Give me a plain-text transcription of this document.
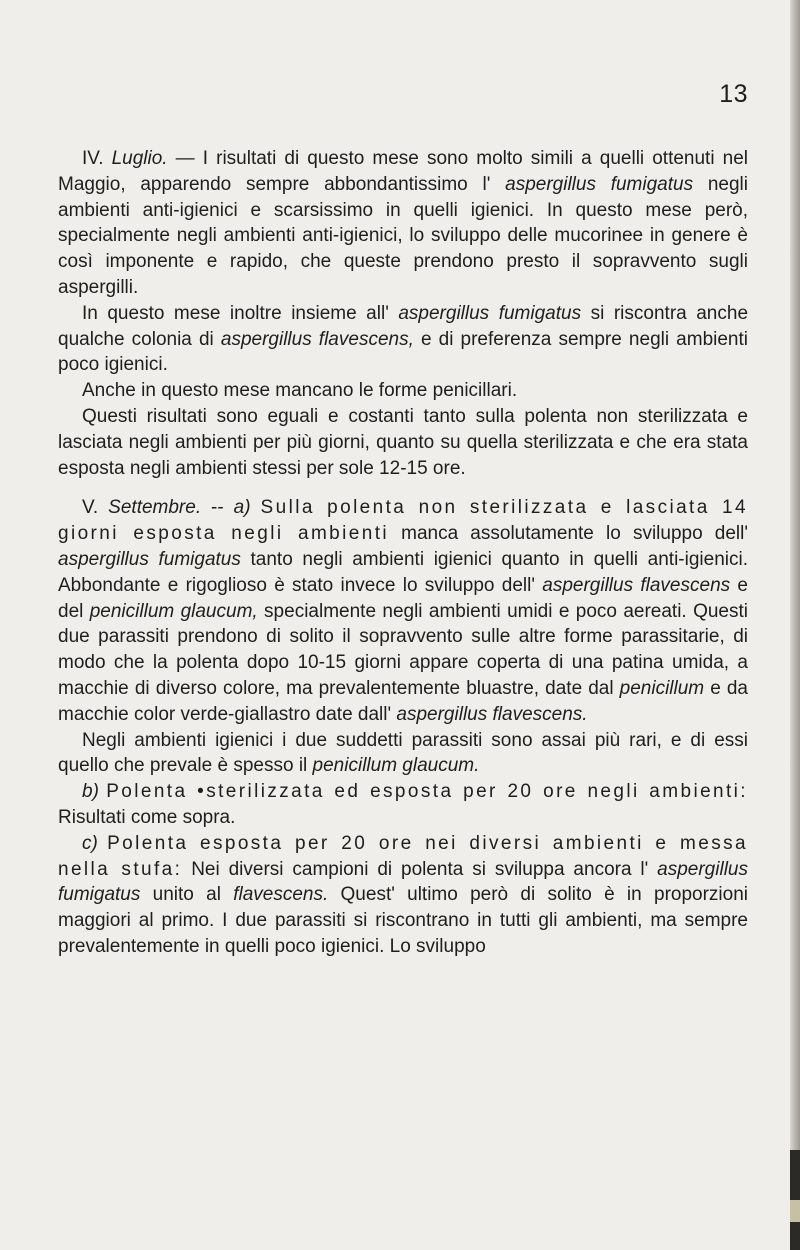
13

IV. Luglio. — I risultati di questo mese sono molto simili a quelli ottenuti nel Maggio, apparendo sempre abbondantissimo l' aspergillus fumigatus negli ambienti anti-igienici e scarsissimo in quelli igienici. In questo mese però, specialmente negli ambienti anti-igienici, lo sviluppo delle mucorinee in genere è così imponente e rapido, che queste prendono presto il sopravvento sugli aspergilli.

In questo mese inoltre insieme all' aspergillus fumigatus si riscontra anche qualche colonia di aspergillus flavescens, e di preferenza sempre negli ambienti poco igienici.

Anche in questo mese mancano le forme penicillari.

Questi risultati sono eguali e costanti tanto sulla polenta non sterilizzata e lasciata negli ambienti per più giorni, quanto su quella sterilizzata e che era stata esposta negli ambienti stessi per sole 12-15 ore.

V. Settembre. -- a) Sulla polenta non sterilizzata e lasciata 14 giorni esposta negli ambienti manca assolutamente lo sviluppo dell' aspergillus fumigatus tanto negli ambienti igienici quanto in quelli anti-igienici. Abbondante e rigoglioso è stato invece lo sviluppo dell' aspergillus flavescens e del penicillum glaucum, specialmente negli ambienti umidi e poco aereati. Questi due parassiti prendono di solito il sopravvento sulle altre forme parassitarie, di modo che la polenta dopo 10-15 giorni appare coperta di una patina umida, a macchie di diverso colore, ma prevalentemente bluastre, date dal penicillum e da macchie color verde-giallastro date dall' aspergillus flavescens.

Negli ambienti igienici i due suddetti parassiti sono assai più rari, e di essi quello che prevale è spesso il penicillum glaucum.

b) Polenta •sterilizzata ed esposta per 20 ore negli ambienti: Risultati come sopra.

c) Polenta esposta per 20 ore nei diversi ambienti e messa nella stufa: Nei diversi campioni di polenta si sviluppa ancora l' aspergillus fumigatus unito al flavescens. Quest' ultimo però di solito è in proporzioni maggiori al primo. I due parassiti si riscontrano in tutti gli ambienti, ma sempre prevalentemente in quelli poco igienici. Lo sviluppo
